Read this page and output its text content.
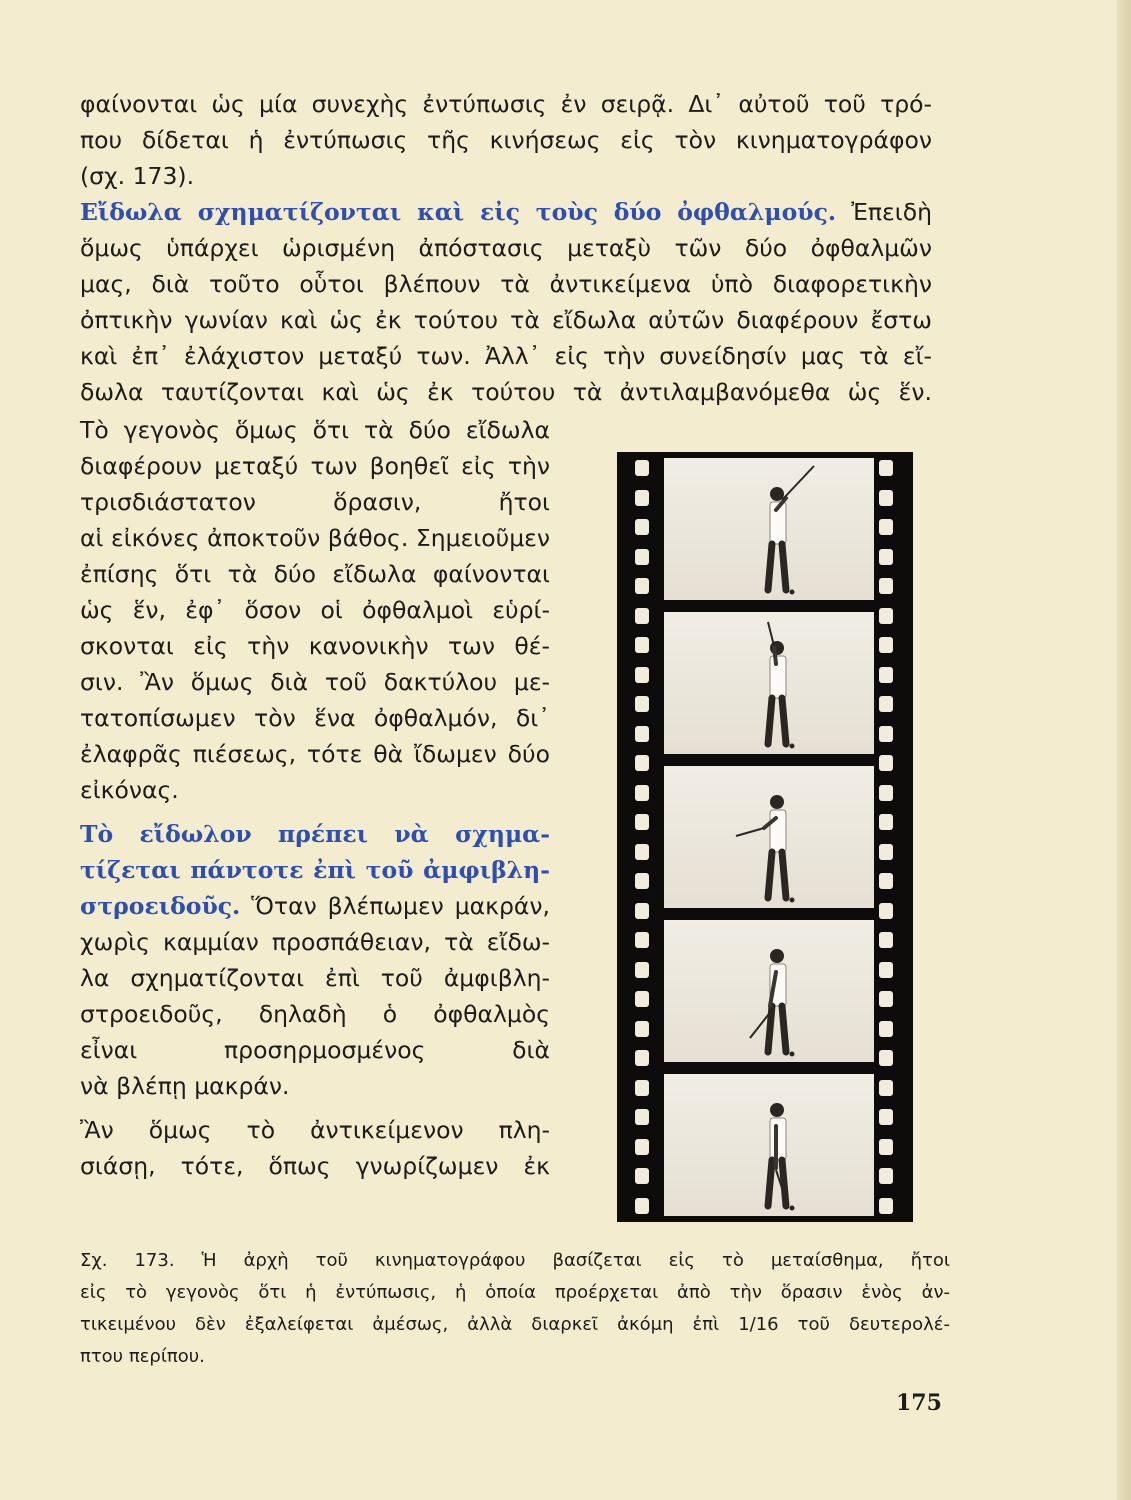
φαίνονται ὡς μία συνεχὴς ἐντύπωσις ἐν σειρᾷ. Δι᾽ αὐτοῦ τοῦ τρό-

που δίδεται ἡ ἐντύπωσις τῆς κινήσεως εἰς τὸν κινηματογράφον

(σχ. 173).

Εἴδωλα σχηματίζονται καὶ εἰς τοὺς δύο ὀφθαλμούς. Ἐπειδὴ

ὅμως ὑπάρχει ὡρισμένη ἀπόστασις μεταξὺ τῶν δύο ὀφθαλμῶν

μας, διὰ τοῦτο οὗτοι βλέπουν τὰ ἀντικείμενα ὑπὸ διαφορετικὴν

ὀπτικὴν γωνίαν καὶ ὡς ἐκ τούτου τὰ εἴδωλα αὐτῶν διαφέρουν ἔστω

καὶ ἐπ᾽ ἐλάχιστον μεταξύ των. Ἀλλ᾽ εἰς τὴν συνείδησίν μας τὰ εἴ-

δωλα ταυτίζονται καὶ ὡς ἐκ τούτου τὰ ἀντιλαμβανόμεθα ὡς ἕν.

Τὸ γεγονὸς ὅμως ὅτι τὰ δύο εἴδωλα

διαφέρουν μεταξύ των βοηθεῖ εἰς τὴν

τρισδιάστατον ὅρασιν, ἤτοι

αἱ εἰκόνες ἀποκτοῦν βάθος. Σημειοῦμεν

ἐπίσης ὅτι τὰ δύο εἴδωλα φαίνονται

ὡς ἕν, ἐφ᾽ ὅσον οἱ ὀφθαλμοὶ εὑρί-

σκονται εἰς τὴν κανονικὴν των θέ-

σιν. Ἂν ὅμως διὰ τοῦ δακτύλου με-

τατοπίσωμεν τὸν ἕνα ὀφθαλμόν, δι᾽

ἐλαφρᾶς πιέσεως, τότε θὰ ἴδωμεν δύο

εἰκόνας.

Τὸ εἴδωλον πρέπει νὰ σχημα-

τίζεται πάντοτε ἐπὶ τοῦ ἀμφιβλη-

στροειδοῦς. Ὅταν βλέπωμεν μακράν,

χωρὶς καμμίαν προσπάθειαν, τὰ εἴδω-

λα σχηματίζονται ἐπὶ τοῦ ἀμφιβλη-

στροειδοῦς, δηλαδὴ ὁ ὀφθαλμὸς

εἶναι προσηρμοσμένος διὰ

νὰ βλέπῃ μακράν.

Ἂν ὅμως τὸ ἀντικείμενον πλη-

σιάσῃ, τότε, ὅπως γνωρίζωμεν ἐκ

Σχ. 173. Ἡ ἀρχὴ τοῦ κινηματογράφου βασίζεται εἰς τὸ μεταίσθημα, ἤτοι

εἰς τὸ γεγονὸς ὅτι ἡ ἐντύπωσις, ἡ ὁποία προέρχεται ἀπὸ τὴν ὅρασιν ἑνὸς ἀν-

τικειμένου δὲν ἐξαλείφεται ἀμέσως, ἀλλὰ διαρκεῖ ἀκόμη ἐπὶ 1/16 τοῦ δευτερολέ-

πτου περίπου.

175
